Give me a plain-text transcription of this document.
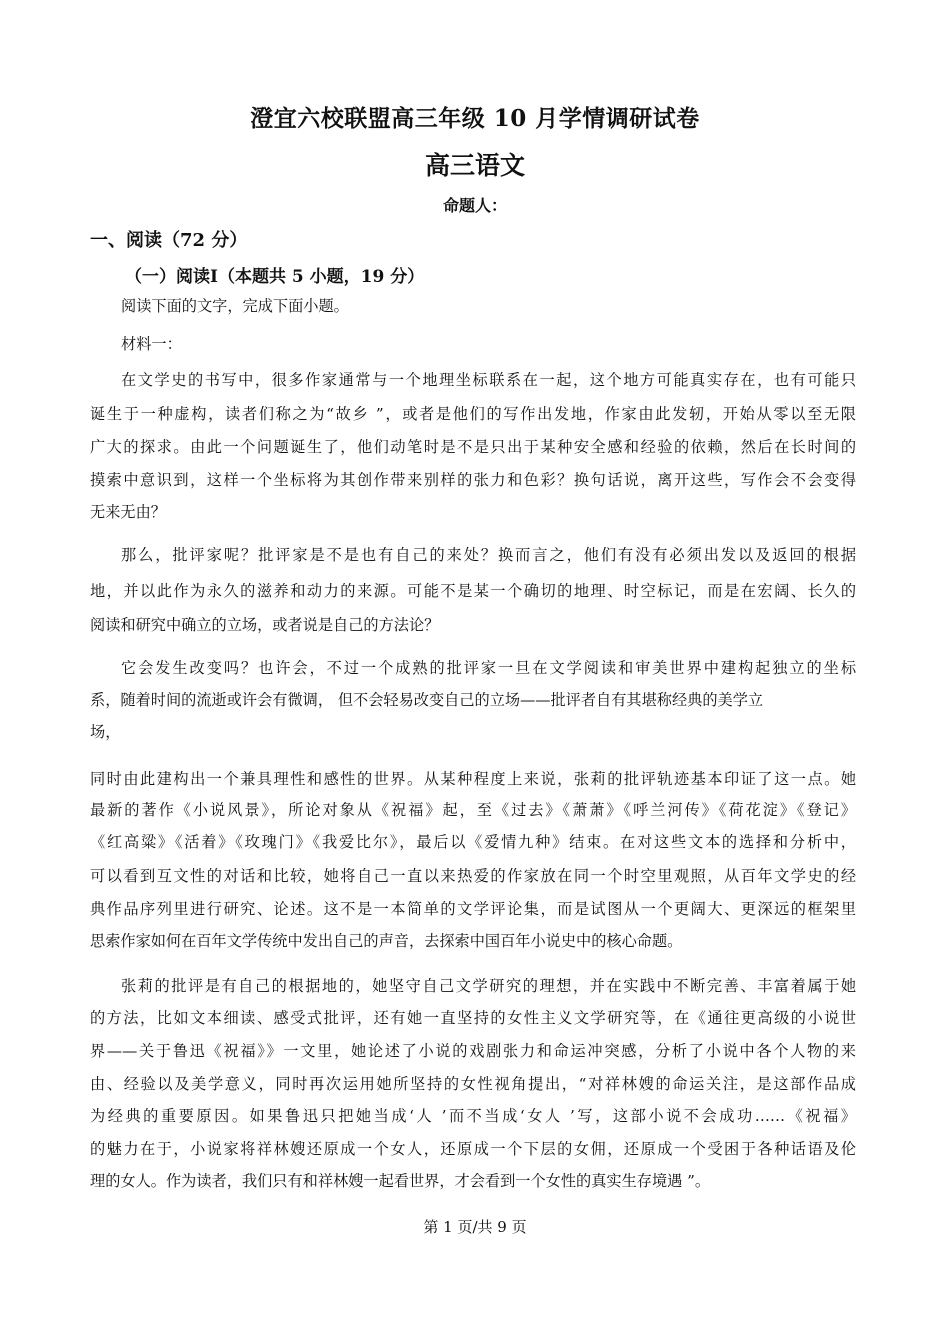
澄宜六校联盟高三年级 10 月学情调研试卷
高三语文
命题人：
一、阅读（72 分）
（一）阅读Ⅰ（本题共 5 小题，19 分）
阅读下面的文字，完成下面小题。
材料一：
在文学史的书写中，很多作家通常与一个地理坐标联系在一起，这个地方可能真实存在，也有可能只
诞生于一种虚构，读者们称之为“故乡 ”，或者是他们的写作出发地，作家由此发轫，开始从零以至无限
广大的探求。由此一个问题诞生了，他们动笔时是不是只出于某种安全感和经验的依赖，然后在长时间的
摸索中意识到，这样一个坐标将为其创作带来别样的张力和色彩？换句话说，离开这些，写作会不会变得
无来无由？
那么，批评家呢？批评家是不是也有自己的来处？换而言之，他们有没有必须出发以及返回的根据
地，并以此作为永久的滋养和动力的来源。可能不是某一个确切的地理、时空标记，而是在宏阔、长久的
阅读和研究中确立的立场，或者说是自己的方法论？
它会发生改变吗？也许会，不过一个成熟的批评家一旦在文学阅读和审美世界中建构起独立的坐标
系，随着时间的流逝或许会有微调， 但不会轻易改变自己的立场——批评者自有其堪称经典的美学立
场，
同时由此建构出一个兼具理性和感性的世界。从某种程度上来说，张莉的批评轨迹基本印证了这一点。她
最新的著作《小说风景》，所论对象从《祝福》起，至《过去》《萧萧》《呼兰河传》《荷花淀》《登记》
《红高粱》《活着》《玫瑰门》《我爱比尔》，最后以《爱情九种》结束。在对这些文本的选择和分析中，
可以看到互文性的对话和比较，她将自己一直以来热爱的作家放在同一个时空里观照，从百年文学史的经
典作品序列里进行研究、论述。这不是一本简单的文学评论集，而是试图从一个更阔大、更深远的框架里
思索作家如何在百年文学传统中发出自己的声音，去探索中国百年小说史中的核心命题。
张莉的批评是有自己的根据地的，她坚守自己文学研究的理想，并在实践中不断完善、丰富着属于她
的方法，比如文本细读、感受式批评，还有她一直坚持的女性主义文学研究等，在《通往更高级的小说世
界——关于鲁迅《祝福》》一文里，她论述了小说的戏剧张力和命运冲突感，分析了小说中各个人物的来
由、经验以及美学意义，同时再次运用她所坚持的女性视角提出，“对祥林嫂的命运关注，是这部作品成
为经典的重要原因。如果鲁迅只把她当成‘人 ’而不当成‘女人 ’写，这部小说不会成功……《祝福》
的魅力在于，小说家将祥林嫂还原成一个女人，还原成一个下层的女佣，还原成一个受困于各种话语及伦
理的女人。作为读者，我们只有和祥林嫂一起看世界，才会看到一个女性的真实生存境遇 ”。
第 1 页/共 9 页
